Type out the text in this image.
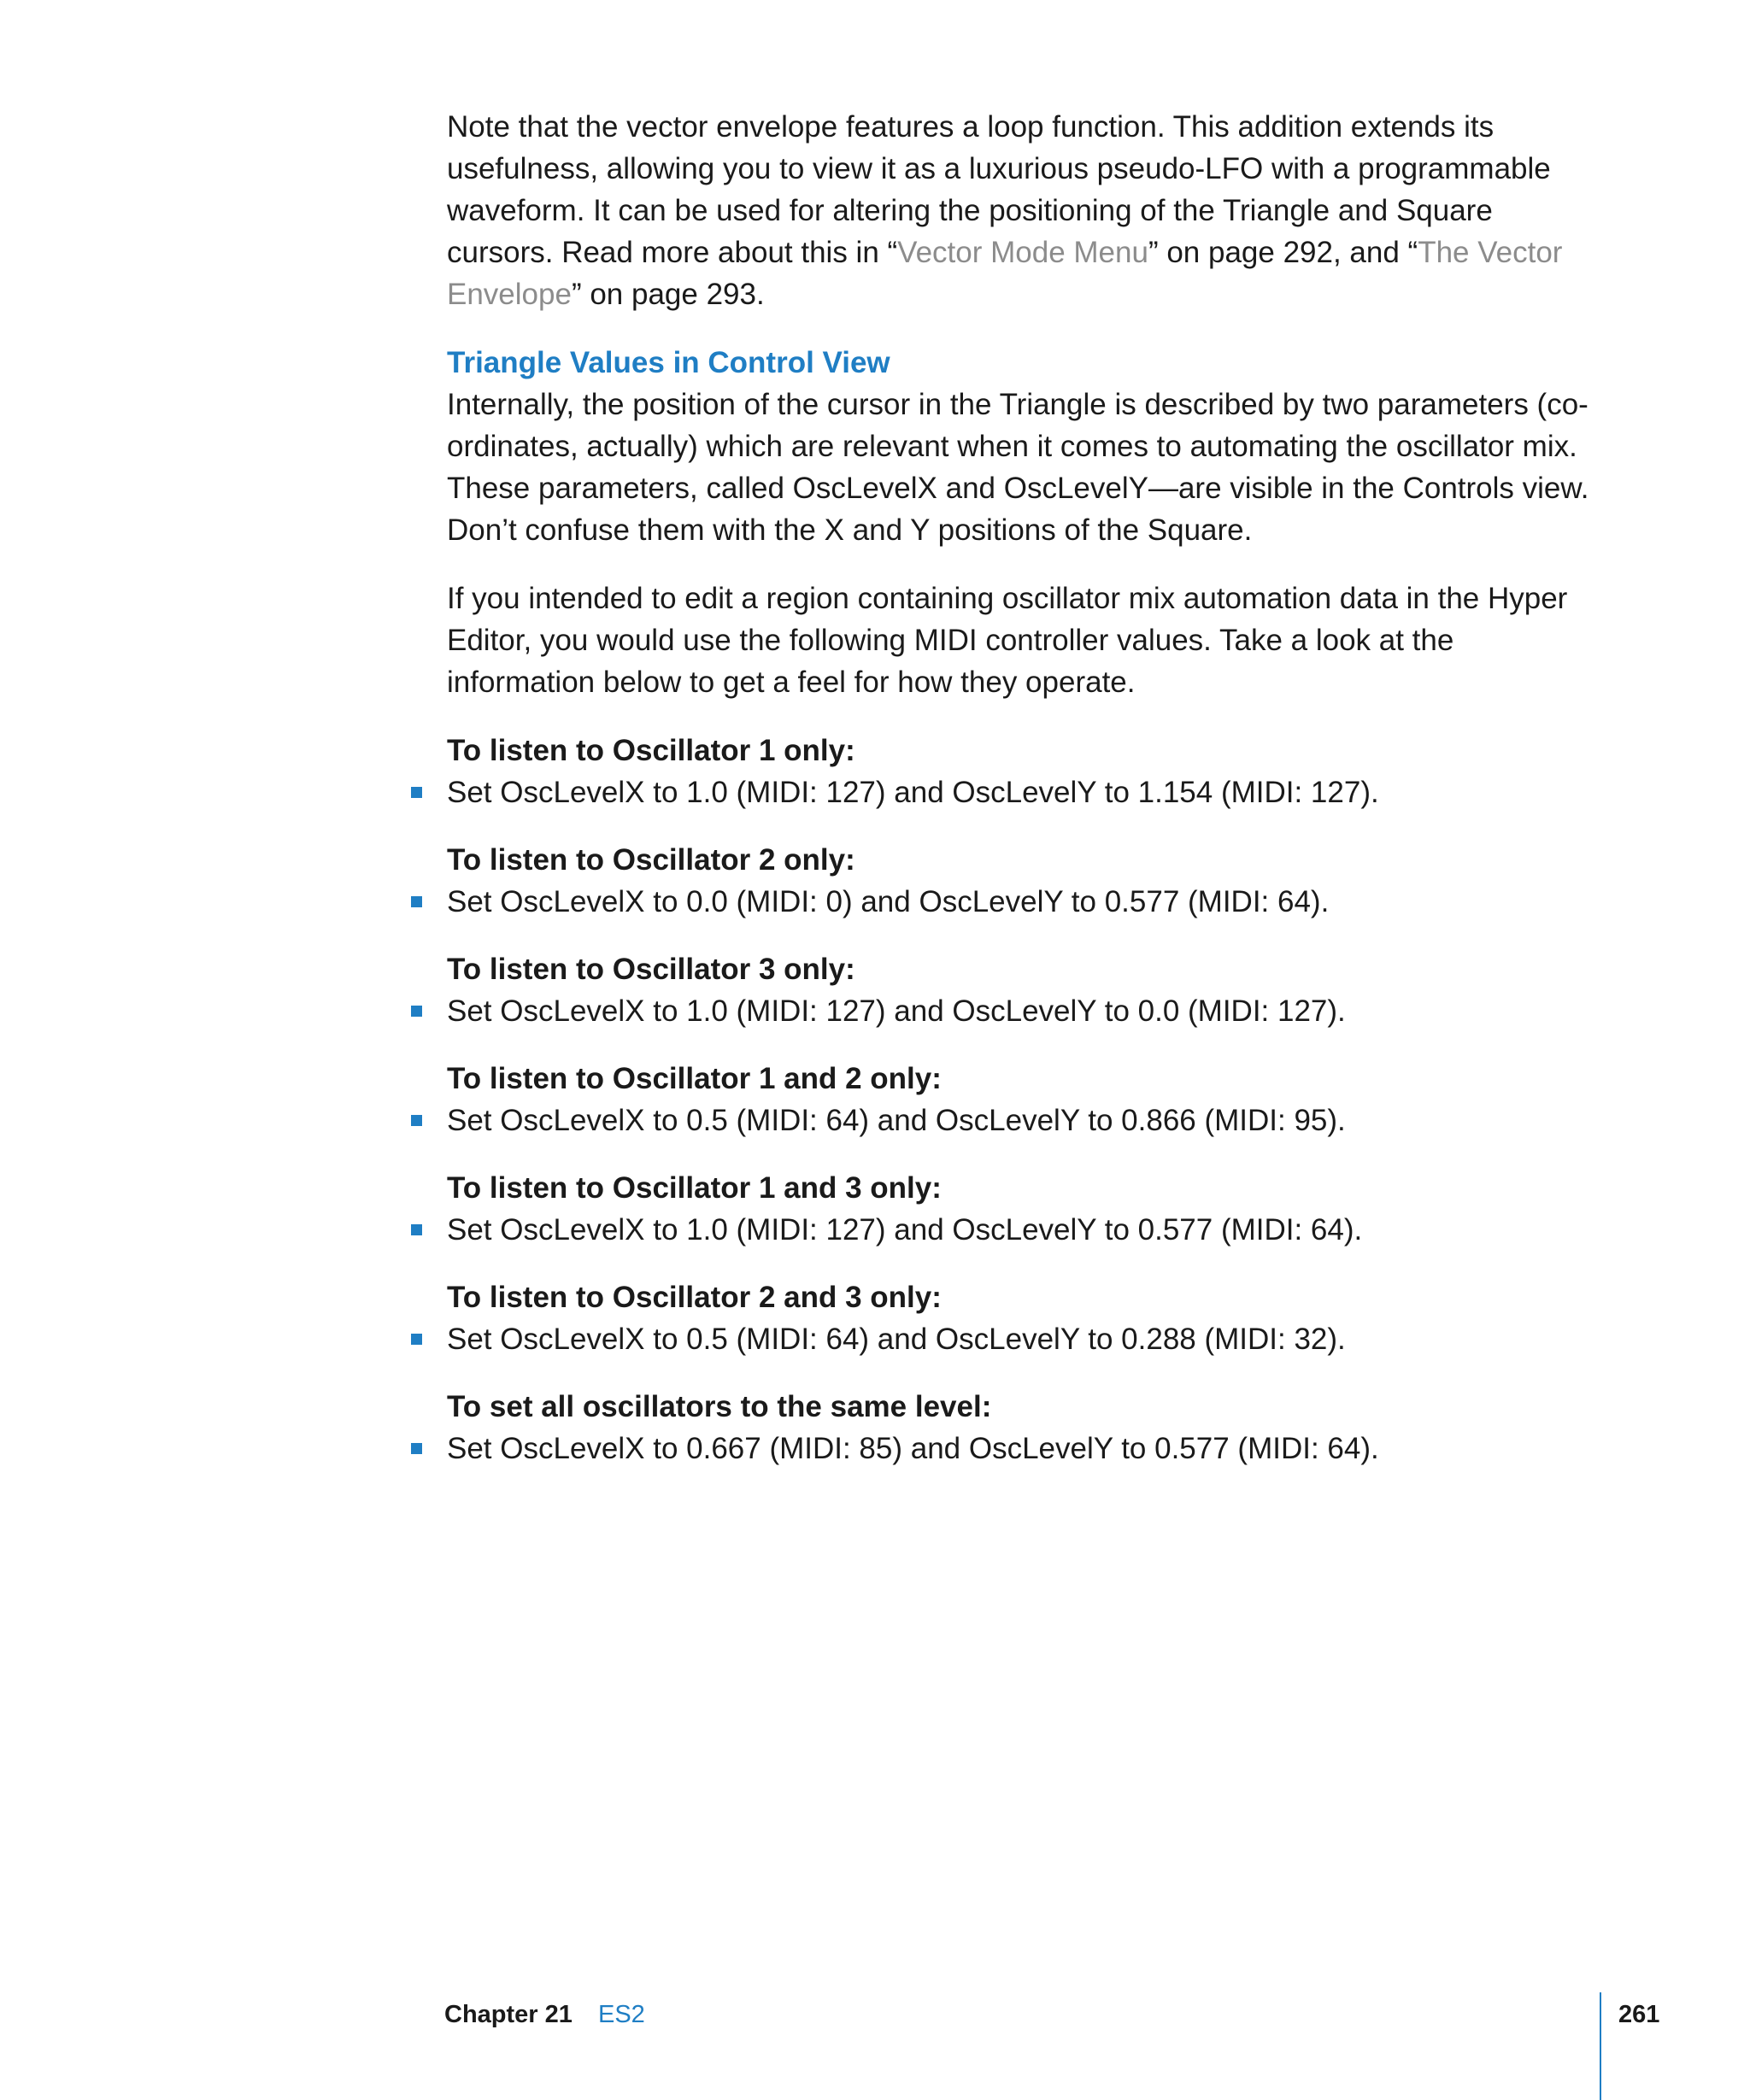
Note that the vector envelope features a loop function. This addition extends its usefulness, allowing you to view it as a luxurious pseudo-LFO with a programmable waveform. It can be used for altering the positioning of the Triangle and Square cursors. Read more about this in “Vector Mode Menu” on page 292, and “The Vector Envelope” on page 293.

Triangle Values in Control View

Internally, the position of the cursor in the Triangle is described by two parameters (co-ordinates, actually) which are relevant when it comes to automating the oscillator mix. These parameters, called OscLevelX and OscLevelY—are visible in the Controls view. Don’t confuse them with the X and Y positions of the Square.

If you intended to edit a region containing oscillator mix automation data in the Hyper Editor, you would use the following MIDI controller values. Take a look at the information below to get a feel for how they operate.

To listen to Oscillator 1 only:
Set OscLevelX to 1.0 (MIDI: 127) and OscLevelY to 1.154 (MIDI: 127).
To listen to Oscillator 2 only:
Set OscLevelX to 0.0 (MIDI: 0) and OscLevelY to 0.577 (MIDI: 64).
To listen to Oscillator 3 only:
Set OscLevelX to 1.0 (MIDI: 127) and OscLevelY to 0.0 (MIDI: 127).
To listen to Oscillator 1 and 2 only:
Set OscLevelX to 0.5 (MIDI: 64) and OscLevelY to 0.866 (MIDI: 95).
To listen to Oscillator 1 and 3 only:
Set OscLevelX to 1.0 (MIDI: 127) and OscLevelY to 0.577 (MIDI: 64).
To listen to Oscillator 2 and 3 only:
Set OscLevelX to 0.5 (MIDI: 64) and OscLevelY to 0.288 (MIDI: 32).
To set all oscillators to the same level:
Set OscLevelX to 0.667 (MIDI: 85) and OscLevelY to 0.577 (MIDI: 64).
Chapter 21 ES2	261
